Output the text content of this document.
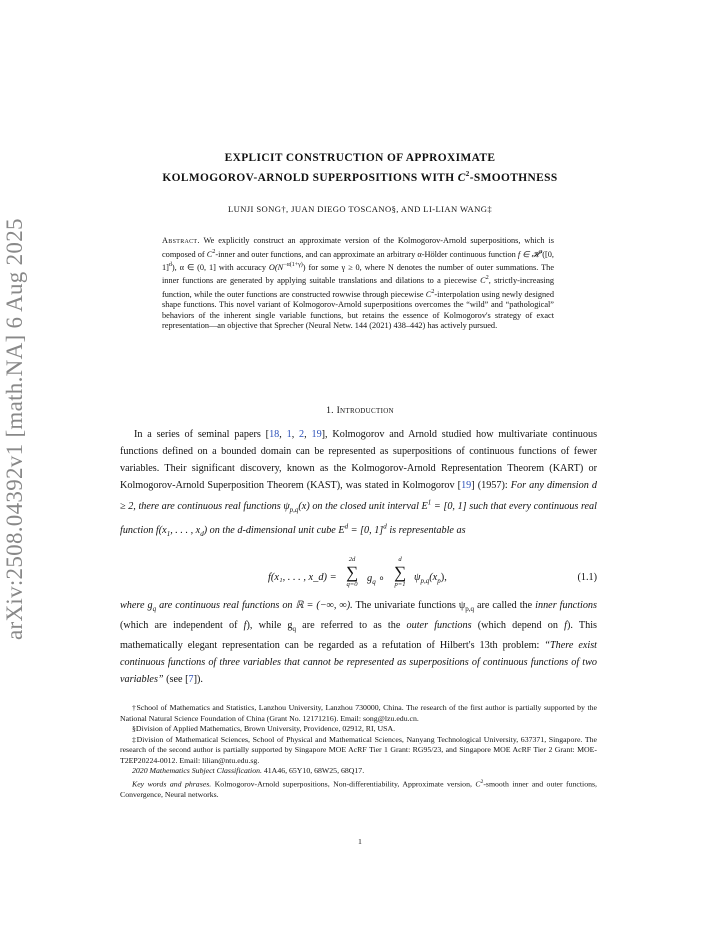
arXiv:2508.04392v1 [math.NA] 6 Aug 2025
EXPLICIT CONSTRUCTION OF APPROXIMATE
KOLMOGOROV-ARNOLD SUPERPOSITIONS WITH $C^2$-SMOOTHNESS
LUNJI SONG†, JUAN DIEGO TOSCANO§, AND LI-LIAN WANG‡
Abstract. We explicitly construct an approximate version of the Kolmogorov-Arnold superpositions, which is composed of $C^2$-inner and outer functions, and can approximate an arbitrary α-Hölder continuous function f ∈ 𝓗$^\alpha$([0, 1]$^d$), α ∈ (0, 1] with accuracy $O(N^{-\alpha(1+\gamma)})$ for some γ ≥ 0, where N denotes the number of outer summations. The inner functions are generated by applying suitable translations and dilations to a piecewise $C^2$, strictly-increasing function, while the outer functions are constructed rowwise through piecewise $C^2$-interpolation using newly designed shape functions. This novel variant of Kolmogorov-Arnold superpositions overcomes the “wild” and “pathological” behaviors of the inherent single variable functions, but retains the essence of Kolmogorov's strategy of exact representation—an objective that Sprecher (Neural Netw. 144 (2021) 438–442) has actively pursued.
1. Introduction
In a series of seminal papers [18, 1, 2, 19], Kolmogorov and Arnold studied how multivariate continuous functions defined on a bounded domain can be represented as superpositions of continuous functions of fewer variables. Their significant discovery, known as the Kolmogorov-Arnold Representation Theorem (KART) or Kolmogorov-Arnold Superposition Theorem (KAST), was stated in Kolmogorov [19] (1957): For any dimension d ≥ 2, there are continuous real functions $\psi_{p,q}(x)$ on the closed unit interval $E^1 = [0$, 1] such that every continuous real function $f(x_1$, . . . , $x_d$) on the d-dimensional unit cube $E^d = [0$, 1]$^d$ is representable as
f(x₁, . . . , x_d) =
2d
∑
q=0
$g_q$ ∘
d
∑
p=1
$\psi_{p,q}(x_p)$,	(1.1)
where $g_q$ are continuous real functions on ℝ = (−∞, ∞). The univariate functions $\psi_{p,q}$ are called the inner functions (which are independent of f), while $g_q$ are referred to as the outer functions (which depend on f). This mathematically elegant representation can be regarded as a refutation of Hilbert's 13th problem: “There exist continuous functions of three variables that cannot be represented as superpositions of continuous functions of two variables” (see [7]).

†School of Mathematics and Statistics, Lanzhou University, Lanzhou 730000, China. The research of the first author is partially supported by the National Natural Science Foundation of China (Grant No. 12171216). Email: song@lzu.edu.cn.

§Division of Applied Mathematics, Brown University, Providence, 02912, RI, USA.

‡Division of Mathematical Sciences, School of Physical and Mathematical Sciences, Nanyang Technological University, 637371, Singapore. The research of the second author is partially supported by Singapore MOE AcRF Tier 1 Grant: RG95/23, and Singapore MOE AcRF Tier 2 Grant: MOE-T2EP20224-0012. Email: lilian@ntu.edu.sg.

2020 Mathematics Subject Classification. 41A46, 65Y10, 68W25, 68Q17.

Key words and phrases. Kolmogorov-Arnold superpositions, Non-differentiability, Approximate version, $C^2$-smooth inner and outer functions, Convergence, Neural networks.

1
